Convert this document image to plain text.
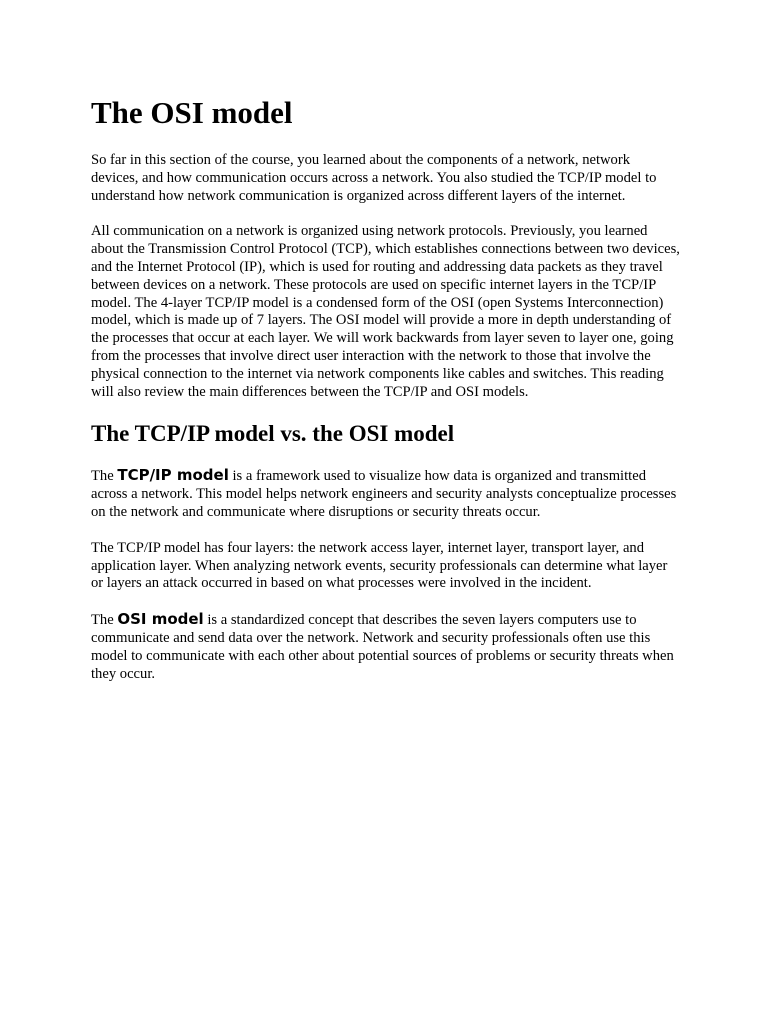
The OSI model

So far in this section of the course, you learned about the components of a network, network devices, and how communication occurs across a network. You also studied the TCP/IP model to understand how network communication is organized across different layers of the internet.

All communication on a network is organized using network protocols. Previously, you learned about the Transmission Control Protocol (TCP), which establishes connections between two devices, and the Internet Protocol (IP), which is used for routing and addressing data packets as they travel between devices on a network. These protocols are used on specific internet layers in the TCP/IP model. The 4-layer TCP/IP model is a condensed form of the OSI (open Systems Interconnection) model, which is made up of 7 layers. The OSI model will provide a more in depth understanding of the processes that occur at each layer. We will work backwards from layer seven to layer one, going from the processes that involve direct user interaction with the network to those that involve the physical connection to the internet via network components like cables and switches. This reading will also review the main differences between the TCP/IP and OSI models.

The TCP/IP model vs. the OSI model

The TCP/IP model is a framework used to visualize how data is organized and transmitted across a network. This model helps network engineers and security analysts conceptualize processes on the network and communicate where disruptions or security threats occur.

The TCP/IP model has four layers: the network access layer, internet layer, transport layer, and application layer. When analyzing network events, security professionals can determine what layer or layers an attack occurred in based on what processes were involved in the incident.

The OSI model is a standardized concept that describes the seven layers computers use to communicate and send data over the network. Network and security professionals often use this model to communicate with each other about potential sources of problems or security threats when they occur.
